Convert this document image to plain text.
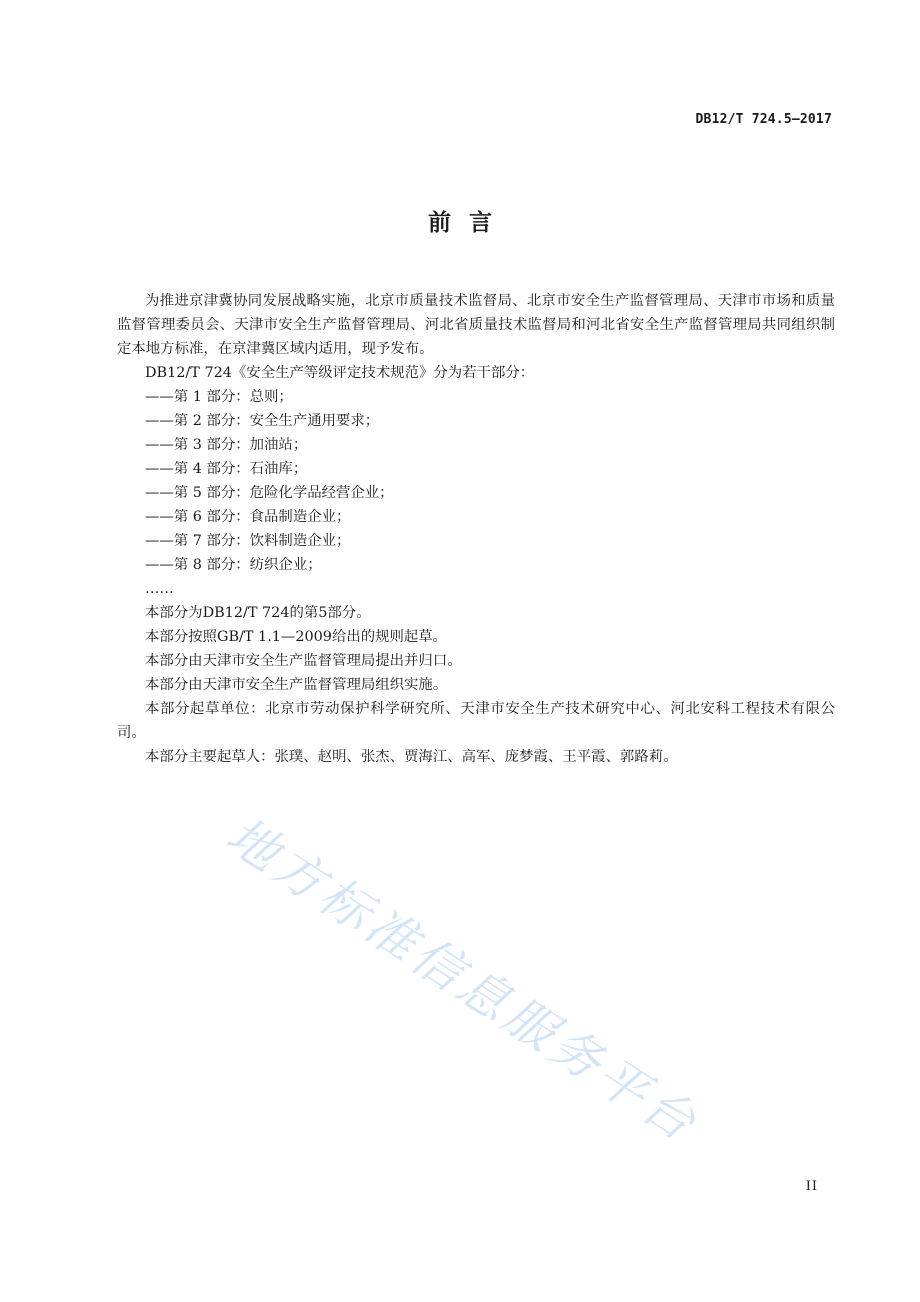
DB12/T 724.5—2017
前言

为推进京津冀协同发展战略实施，北京市质量技术监督局、北京市安全生产监督管理局、天津市市场和质量监督管理委员会、天津市安全生产监督管理局、河北省质量技术监督局和河北省安全生产监督管理局共同组织制定本地方标准，在京津冀区域内适用，现予发布。

DB12/T 724《安全生产等级评定技术规范》分为若干部分：

——第 1 部分：总则；

——第 2 部分：安全生产通用要求；

——第 3 部分：加油站；

——第 4 部分：石油库；

——第 5 部分：危险化学品经营企业；

——第 6 部分：食品制造企业；

——第 7 部分：饮料制造企业；

——第 8 部分：纺织企业；

……

本部分为DB12/T 724的第5部分。

本部分按照GB/T 1.1—2009给出的规则起草。

本部分由天津市安全生产监督管理局提出并归口。

本部分由天津市安全生产监督管理局组织实施。

本部分起草单位：北京市劳动保护科学研究所、天津市安全生产技术研究中心、河北安科工程技术有限公司。

本部分主要起草人：张璞、赵明、张杰、贾海江、高军、庞梦霞、王平霞、郭路莉。

地方标准信息服务平台
II
